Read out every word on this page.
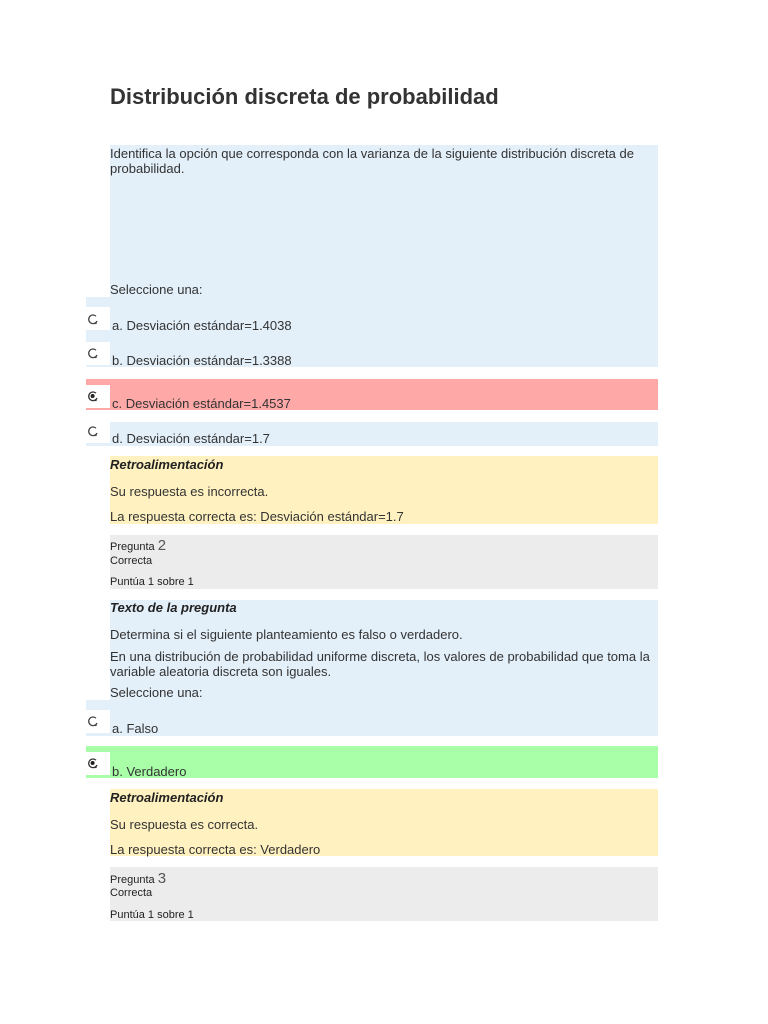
Distribución discreta de probabilidad
Identifica la opción que corresponda con la varianza de la siguiente distribución discreta de probabilidad.
Seleccione una:
a. Desviación estándar=1.4038
b. Desviación estándar=1.3388
c. Desviación estándar=1.4537
d. Desviación estándar=1.7
Retroalimentación
Su respuesta es incorrecta.
La respuesta correcta es: Desviación estándar=1.7
Pregunta 2
Correcta
Puntúa 1 sobre 1
Texto de la pregunta
Determina si el siguiente planteamiento es falso o verdadero.
En una distribución de probabilidad uniforme discreta, los valores de probabilidad que toma la variable aleatoria discreta son iguales.
Seleccione una:
a. Falso
b. Verdadero
Retroalimentación
Su respuesta es correcta.
La respuesta correcta es: Verdadero
Pregunta 3
Correcta
Puntúa 1 sobre 1
